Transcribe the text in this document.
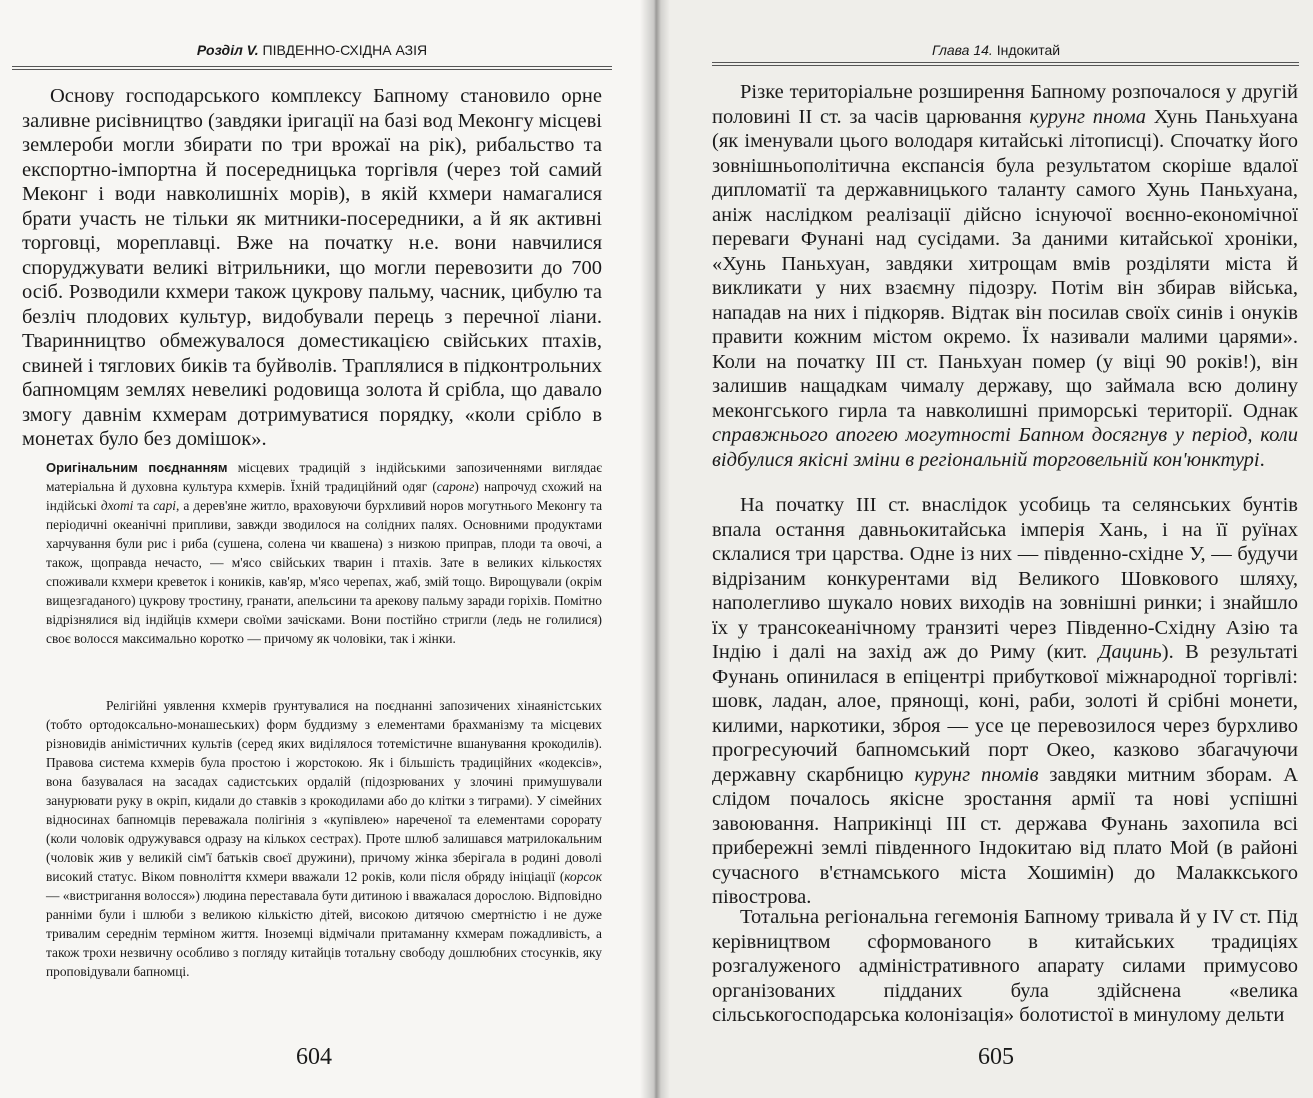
Розділ V. ПІВДЕННО-СХІДНА АЗІЯ

Основу господарського комплексу Бапному становило орне заливне рисівництво (завдяки іригації на базі вод Меконгу місцеві землероби могли збирати по три врожаї на рік), рибальство та експортно-імпортна й посередницька торгівля (через той самий Меконг і води навколишніх морів), в якій кхмери намагалися брати участь не тільки як митники-посередники, а й як активні торговці, мореплавці. Вже на початку н.е. вони навчилися споруджувати великі вітрильники, що могли перевозити до 700 осіб. Розводили кхмери також цукрову пальму, часник, цибулю та безліч плодових культур, видобували перець з перечної ліани. Тваринництво обмежувалося доместикацією свійських птахів, свиней і тяглових биків та буйволів. Траплялися в підконтрольних бапномцям землях невеликі родовища золота й срібла, що давало змогу давнім кхмерам дотримуватися порядку, «коли срібло в монетах було без домішок».

Оригінальним поєднанням місцевих традицій з індійськими запозиченнями виглядає матеріальна й духовна культура кхмерів. Їхній традиційний одяг (саронг) напрочуд схожий на індійські дхоті та сарі, а дерев'яне житло, враховуючи бурхливий норов могутнього Меконгу та періодичні океанічні припливи, завжди зводилося на солідних палях. Основними продуктами харчування були рис і риба (сушена, солена чи квашена) з низкою приправ, плоди та овочі, а також, щоправда нечасто, — м'ясо свійських тварин і птахів. Зате в великих кількостях споживали кхмери креветок і коників, кав'яр, м'ясо черепах, жаб, змій тощо. Вирощували (окрім вищезгаданого) цукрову тростину, гранати, апельсини та арекову пальму заради горіхів. Помітно відрізнялися від індійців кхмери своїми зачісками. Вони постійно стригли (ледь не голилися) своє волосся максимально коротко — причому як чоловіки, так і жінки.

Релігійні уявлення кхмерів ґрунтувалися на поєднанні запозичених хінаяністських (тобто ортодоксально-монашеських) форм буддизму з елементами брахманізму та місцевих різновидів анімістичних культів (серед яких виділялося тотемістичне вшанування крокодилів). Правова система кхмерів була простою і жорстокою. Як і більшість традиційних «кодексів», вона базувалася на засадах садистських ордалій (підозрюваних у злочині примушували занурювати руку в окріп, кидали до ставків з крокодилами або до клітки з тиграми). У сімейних відносинах бапномців переважала полігінія з «купівлею» нареченої та елементами сорорату (коли чоловік одружувався одразу на кількох сестрах). Проте шлюб залишався матрилокальним (чоловік жив у великій сім'ї батьків своєї дружини), причому жінка зберігала в родині доволі високий статус. Віком повноліття кхмери вважали 12 років, коли після обряду ініціації (корсок — «вистригання волосся») людина переставала бути дитиною і вважалася дорослою. Відповідно ранніми були і шлюби з великою кількістю дітей, високою дитячою смертністю і не дуже тривалим середнім терміном життя. Іноземці відмічали притаманну кхмерам пожадливість, а також трохи незвичну особливо з погляду китайців тотальну свободу дошлюбних стосунків, яку проповідували бапномці.

604
Глава 14. Індокитай

Різке територіальне розширення Бапному розпочалося у другій половині II ст. за часів царювання курунг пнома Хунь Паньхуана (як іменували цього володаря китайські літописці). Спочатку його зовнішньополітична експансія була результатом скоріше вдалої дипломатії та державницького таланту самого Хунь Паньхуана, аніж наслідком реалізації дійсно існуючої воєнно-економічної переваги Фунані над сусідами. За даними китайської хроніки, «Хунь Паньхуан, завдяки хитрощам вмів розділяти міста й викликати у них взаємну підозру. Потім він збирав війська, нападав на них і підкоряв. Відтак він посилав своїх синів і онуків правити кожним містом окремо. Їх називали малими царями». Коли на початку III ст. Паньхуан помер (у віці 90 років!), він залишив нащадкам чималу державу, що займала всю долину меконгського гирла та навколишні приморські території. Однак справжнього апогею могутності Бапном досягнув у період, коли відбулися якісні зміни в регіональній торговельній кон'юнктурі.

На початку III ст. внаслідок усобиць та селянських бунтів впала остання давньокитайська імперія Хань, і на її руїнах склалися три царства. Одне із них — південно-східне У, — будучи відрізаним конкурентами від Великого Шовкового шляху, наполегливо шукало нових виходів на зовнішні ринки; і знайшло їх у трансокеанічному транзиті через Південно-Східну Азію та Індію і далі на захід аж до Риму (кит. Дацинь). В результаті Фунань опинилася в епіцентрі прибуткової міжнародної торгівлі: шовк, ладан, алое, прянощі, коні, раби, золоті й срібні монети, килими, наркотики, зброя — усе це перевозилося через бурхливо прогресуючий бапномський порт Океo, казково збагачуючи державну скарбницю курунг пномів завдяки митним зборам. А слідом почалось якісне зростання армії та нові успішні завоювання. Наприкінці III ст. держава Фунань захопила всі прибережні землі південного Індокитаю від плато Мой (в районі сучасного в'єтнамського міста Хошимін) до Малаккського півострова.

Тотальна регіональна гегемонія Бапному тривала й у IV ст. Під керівництвом сформованого в китайських традиціях розгалуженого адміністративного апарату силами примусово організованих підданих була здійснена «велика сільськогосподарська колонізація» болотистої в минулому дельти

605
